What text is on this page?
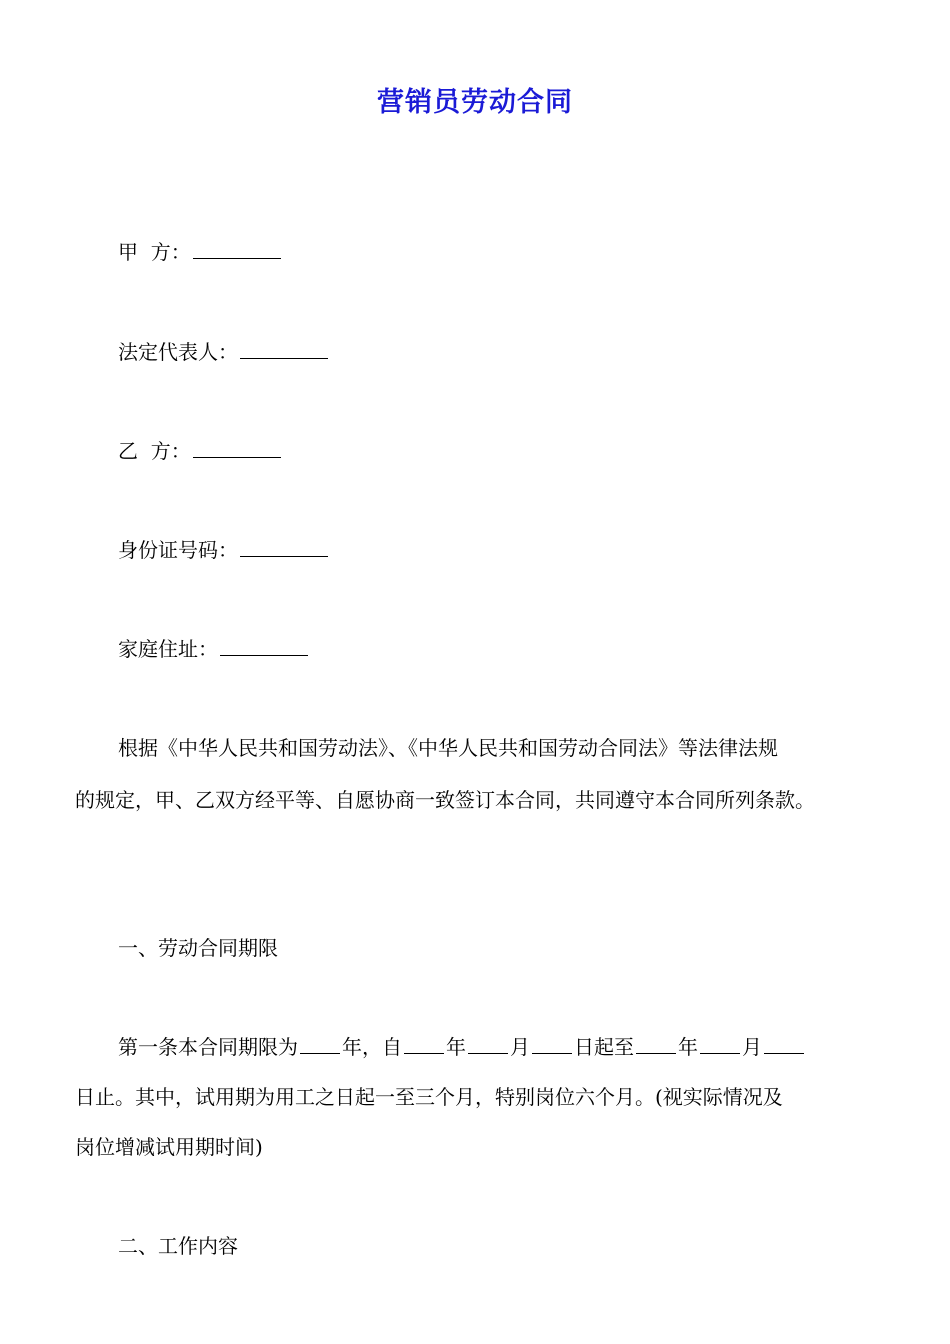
营销员劳动合同
甲  方：
法定代表人：
乙  方：
身份证号码：
家庭住址：
根据《中华人民共和国劳动法》、《中华人民共和国劳动合同法》等法律法规
的规定，甲、乙双方经平等、自愿协商一致签订本合同，共同遵守本合同所列条款。
一、劳动合同期限
第一条本合同期限为 年，自 年 月 日起至 年 月
日止。其中，试用期为用工之日起一至三个月，特别岗位六个月。(视实际情况及
岗位增减试用期时间)
二、工作内容
